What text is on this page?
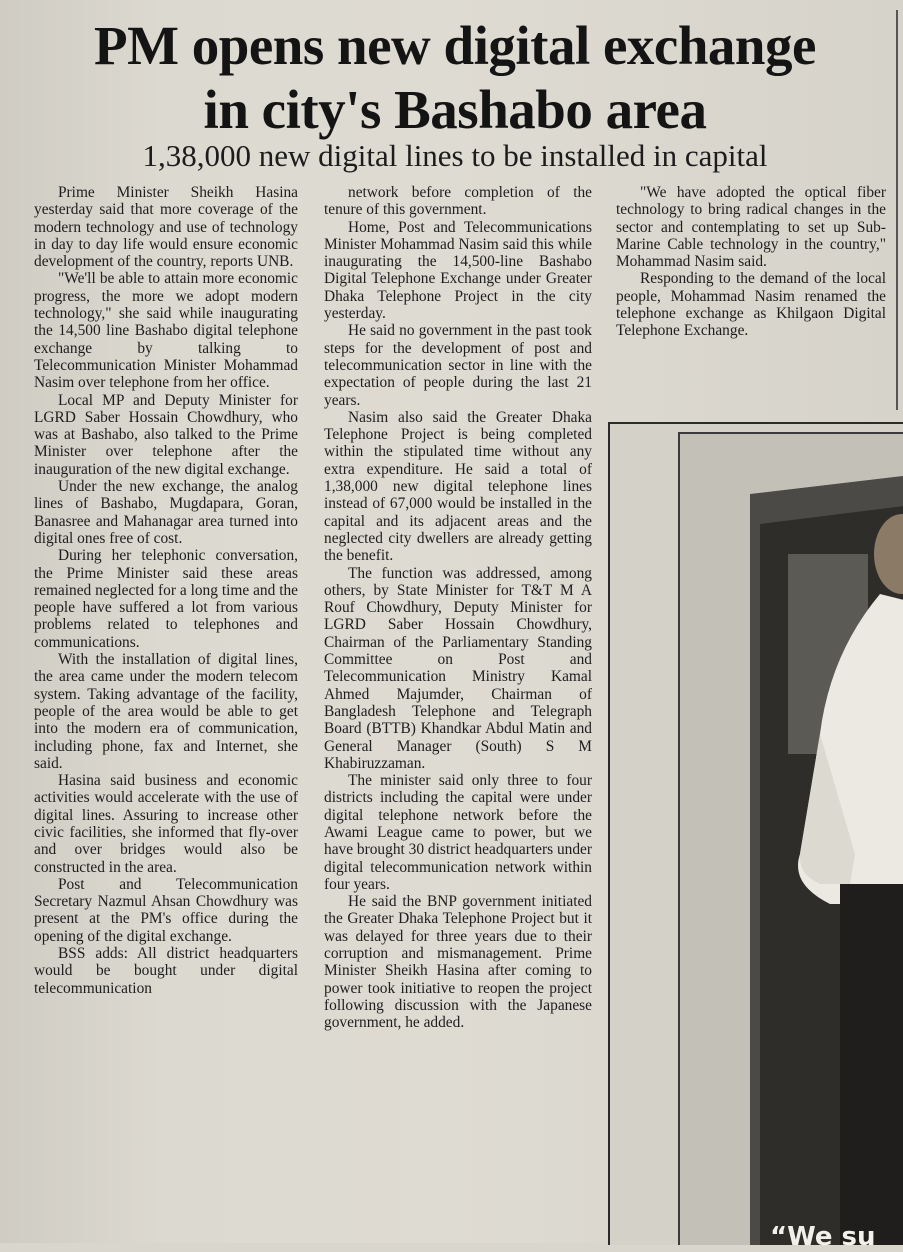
PM opens new digital exchange
in city's Bashabo area
1,38,000 new digital lines to be installed in capital

Prime Minister Sheikh Hasina yesterday said that more coverage of the modern technology and use of technology in day to day life would ensure economic development of the country, reports UNB.

"We'll be able to attain more economic progress, the more we adopt modern technology," she said while inaugurating the 14,500 line Bashabo digital telephone exchange by talking to Telecommunication Minister Mohammad Nasim over telephone from her office.

Local MP and Deputy Minister for LGRD Saber Hossain Chowdhury, who was at Bashabo, also talked to the Prime Minister over telephone after the inauguration of the new digital exchange.

Under the new exchange, the analog lines of Bashabo, Mugdapara, Goran, Banasree and Mahanagar area turned into digital ones free of cost.

During her telephonic conversation, the Prime Minister said these areas remained neglected for a long time and the people have suffered a lot from various problems related to telephones and communications.

With the installation of digital lines, the area came under the modern telecom system. Taking advantage of the facility, people of the area would be able to get into the modern era of communication, including phone, fax and Internet, she said.

Hasina said business and economic activities would accelerate with the use of digital lines. Assuring to increase other civic facilities, she informed that fly-over and over bridges would also be constructed in the area.

Post and Telecommunication Secretary Nazmul Ahsan Chowdhury was present at the PM's office during the opening of the digital exchange.

BSS adds: All district headquarters would be bought under digital telecommunication

network before completion of the tenure of this government.

Home, Post and Telecommunications Minister Mohammad Nasim said this while inaugurating the 14,500-line Bashabo Digital Telephone Exchange under Greater Dhaka Telephone Project in the city yesterday.

He said no government in the past took steps for the development of post and telecommunication sector in line with the expectation of people during the last 21 years.

Nasim also said the Greater Dhaka Telephone Project is being completed within the stipulated time without any extra expenditure. He said a total of 1,38,000 new digital telephone lines instead of 67,000 would be installed in the capital and its adjacent areas and the neglected city dwellers are already getting the benefit.

The function was addressed, among others, by State Minister for T&T M A Rouf Chowdhury, Deputy Minister for LGRD Saber Hossain Chowdhury, Chairman of the Parliamentary Standing Committee on Post and Telecommunication Ministry Kamal Ahmed Majumder, Chairman of Bangladesh Telephone and Telegraph Board (BTTB) Khandkar Abdul Matin and General Manager (South) S M Khabiruzzaman.

The minister said only three to four districts including the capital were under digital telephone network before the Awami League came to power, but we have brought 30 district headquarters under digital telecommunication network within four years.

He said the BNP government initiated the Greater Dhaka Telephone Project but it was delayed for three years due to their corruption and mismanagement. Prime Minister Sheikh Hasina after coming to power took initiative to reopen the project following discussion with the Japanese government, he added.

"We have adopted the optical fiber technology to bring radical changes in the sector and contemplating to set up Sub-Marine Cable technology in the country," Mohammad Nasim said.

Responding to the demand of the local people, Mohammad Nasim renamed the telephone exchange as Khilgaon Digital Telephone Exchange.

“We su
